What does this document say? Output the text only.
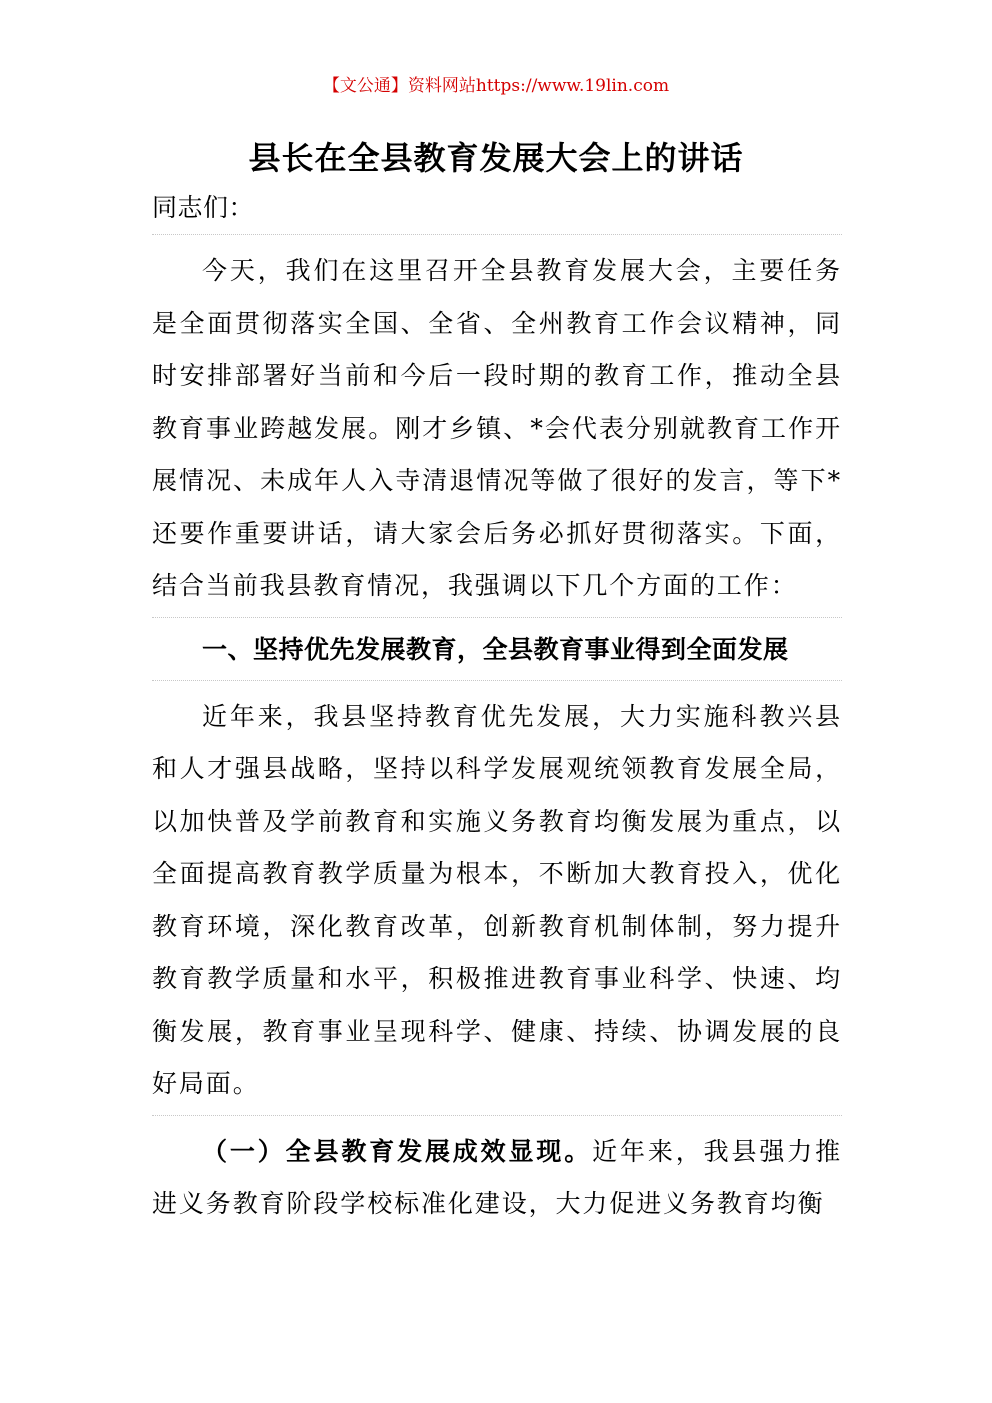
【文公通】资料网站https://www.19lin.com
县长在全县教育发展大会上的讲话
同志们：

今天，我们在这里召开全县教育发展大会，主要任务是全面贯彻落实全国、全省、全州教育工作会议精神，同时安排部署好当前和今后一段时期的教育工作，推动全县教育事业跨越发展。刚才乡镇、*会代表分别就教育工作开展情况、未成年人入寺清退情况等做了很好的发言，等下*还要作重要讲话，请大家会后务必抓好贯彻落实。下面，结合当前我县教育情况，我强调以下几个方面的工作：

一、坚持优先发展教育，全县教育事业得到全面发展

近年来，我县坚持教育优先发展，大力实施科教兴县和人才强县战略，坚持以科学发展观统领教育发展全局，以加快普及学前教育和实施义务教育均衡发展为重点，以全面提高教育教学质量为根本，不断加大教育投入，优化教育环境，深化教育改革，创新教育机制体制，努力提升教育教学质量和水平，积极推进教育事业科学、快速、均衡发展，教育事业呈现科学、健康、持续、协调发展的良好局面。

（一）全县教育发展成效显现。近年来，我县强力推进义务教育阶段学校标准化建设，大力促进义务教育均衡
